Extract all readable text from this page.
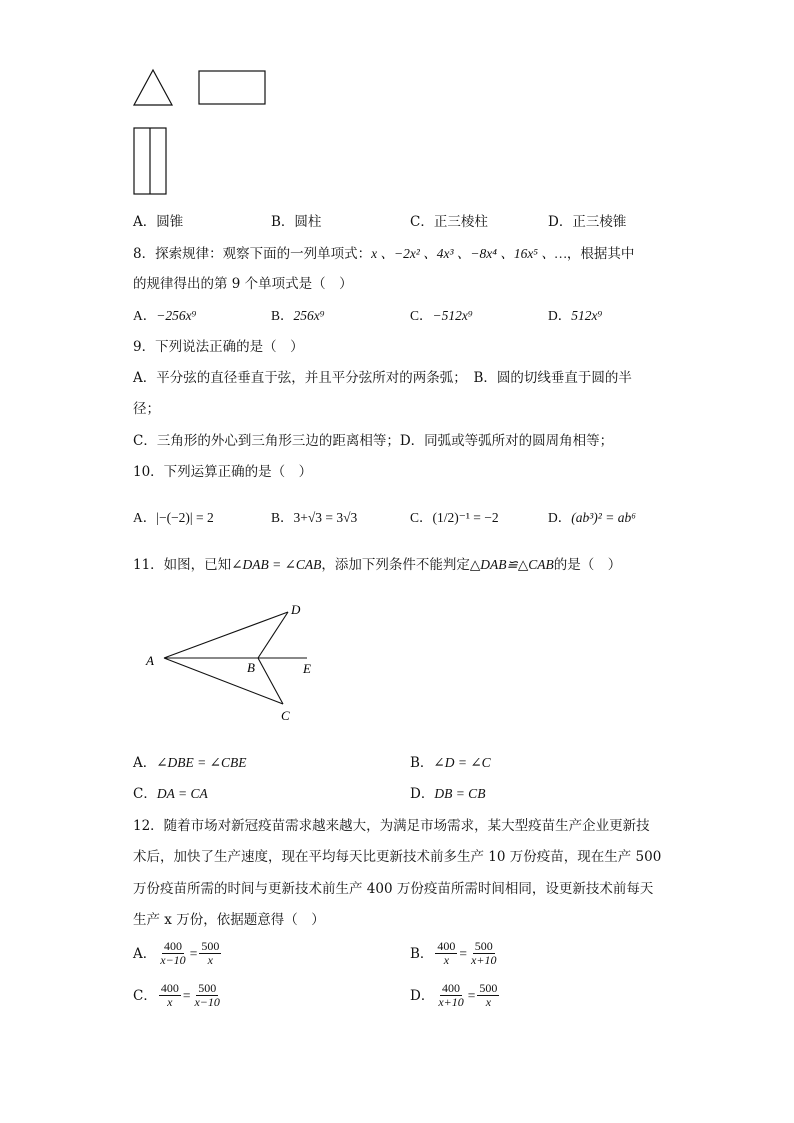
A．圆锥	B．圆柱	C．正三棱柱	D．正三棱锥
8．探索规律：观察下面的一列单项式：x 、−2x² 、4x³ 、−8x⁴ 、16x⁵ 、…，根据其中
的规律得出的第 9 个单项式是（　）
A．−256x⁹	B．256x⁹	C．−512x⁹	D．512x⁹
9．下列说法正确的是（　）
A．平分弦的直径垂直于弦，并且平分弦所对的两条弧；　B．圆的切线垂直于圆的半
径；
C．三角形的外心到三角形三边的距离相等；D．同弧或等弧所对的圆周角相等；
10．下列运算正确的是（　）
A．|−(−2)| = 2	B．3+√3 = 3√3	C．(1/2)⁻¹ = −2	D．(ab³)² = ab⁶
11．如图，已知∠DAB = ∠CAB，添加下列条件不能判定△DAB≌△CAB的是（　）
A	B
C
D
E
A．∠DBE = ∠CBE	B．∠D = ∠C
C．DA = CA	D．DB = CB
12．随着市场对新冠疫苗需求越来越大，为满足市场需求，某大型疫苗生产企业更新技
术后，加快了生产速度，现在平均每天比更新技术前多生产 10 万份疫苗，现在生产 500
万份疫苗所需的时间与更新技术前生产 400 万份疫苗所需时间相同，设更新技术前每天
生产 x 万份，依据题意得（　）
A． $\frac{400}{x-10} = \frac{500}{x}$	B． $\frac{400}{x} = \frac{500}{x+10}$
C． $\frac{400}{x} = \frac{500}{x-10}$	D． $\frac{400}{x+10} = \frac{500}{x}$
